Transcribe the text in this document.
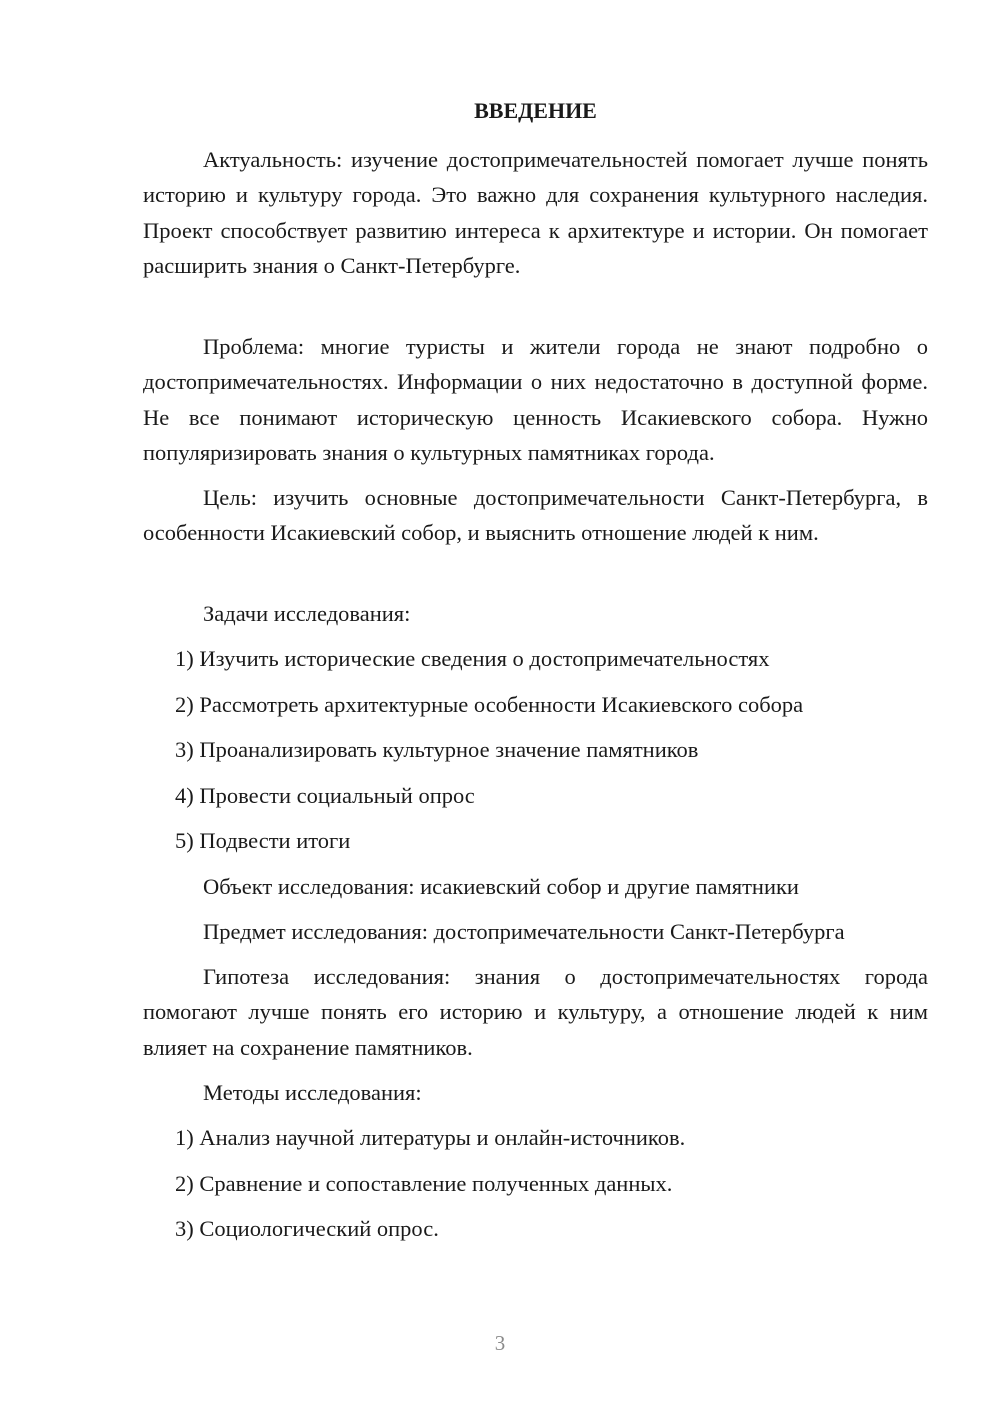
ВВЕДЕНИЕ

Актуальность: изучение достопримечательностей помогает лучше понять историю и культуру города. Это важно для сохранения культурного наследия. Проект способствует развитию интереса к архитектуре и истории. Он помогает расширить знания о Санкт-Петербурге.

Проблема: многие туристы и жители города не знают подробно о достопримечательностях. Информации о них недостаточно в доступной форме. Не все понимают историческую ценность Исакиевского собора. Нужно популяризировать знания о культурных памятниках города.

Цель: изучить основные достопримечательности Санкт-Петербурга, в особенности Исакиевский собор, и выяснить отношение людей к ним.

Задачи исследования:
1) Изучить исторические сведения о достопримечательностях
2) Рассмотреть архитектурные особенности Исакиевского собора
3) Проанализировать культурное значение памятников
4) Провести социальный опрос
5) Подвести итоги
Объект исследования: исакиевский собор и другие памятники
Предмет исследования: достопримечательности Санкт-Петербурга

Гипотеза исследования: знания о достопримечательностях города помогают лучше понять его историю и культуру, а отношение людей к ним влияет на сохранение памятников.

Методы исследования:
1) Анализ научной литературы и онлайн-источников.
2) Сравнение и сопоставление полученных данных.
3) Социологический опрос.
3
